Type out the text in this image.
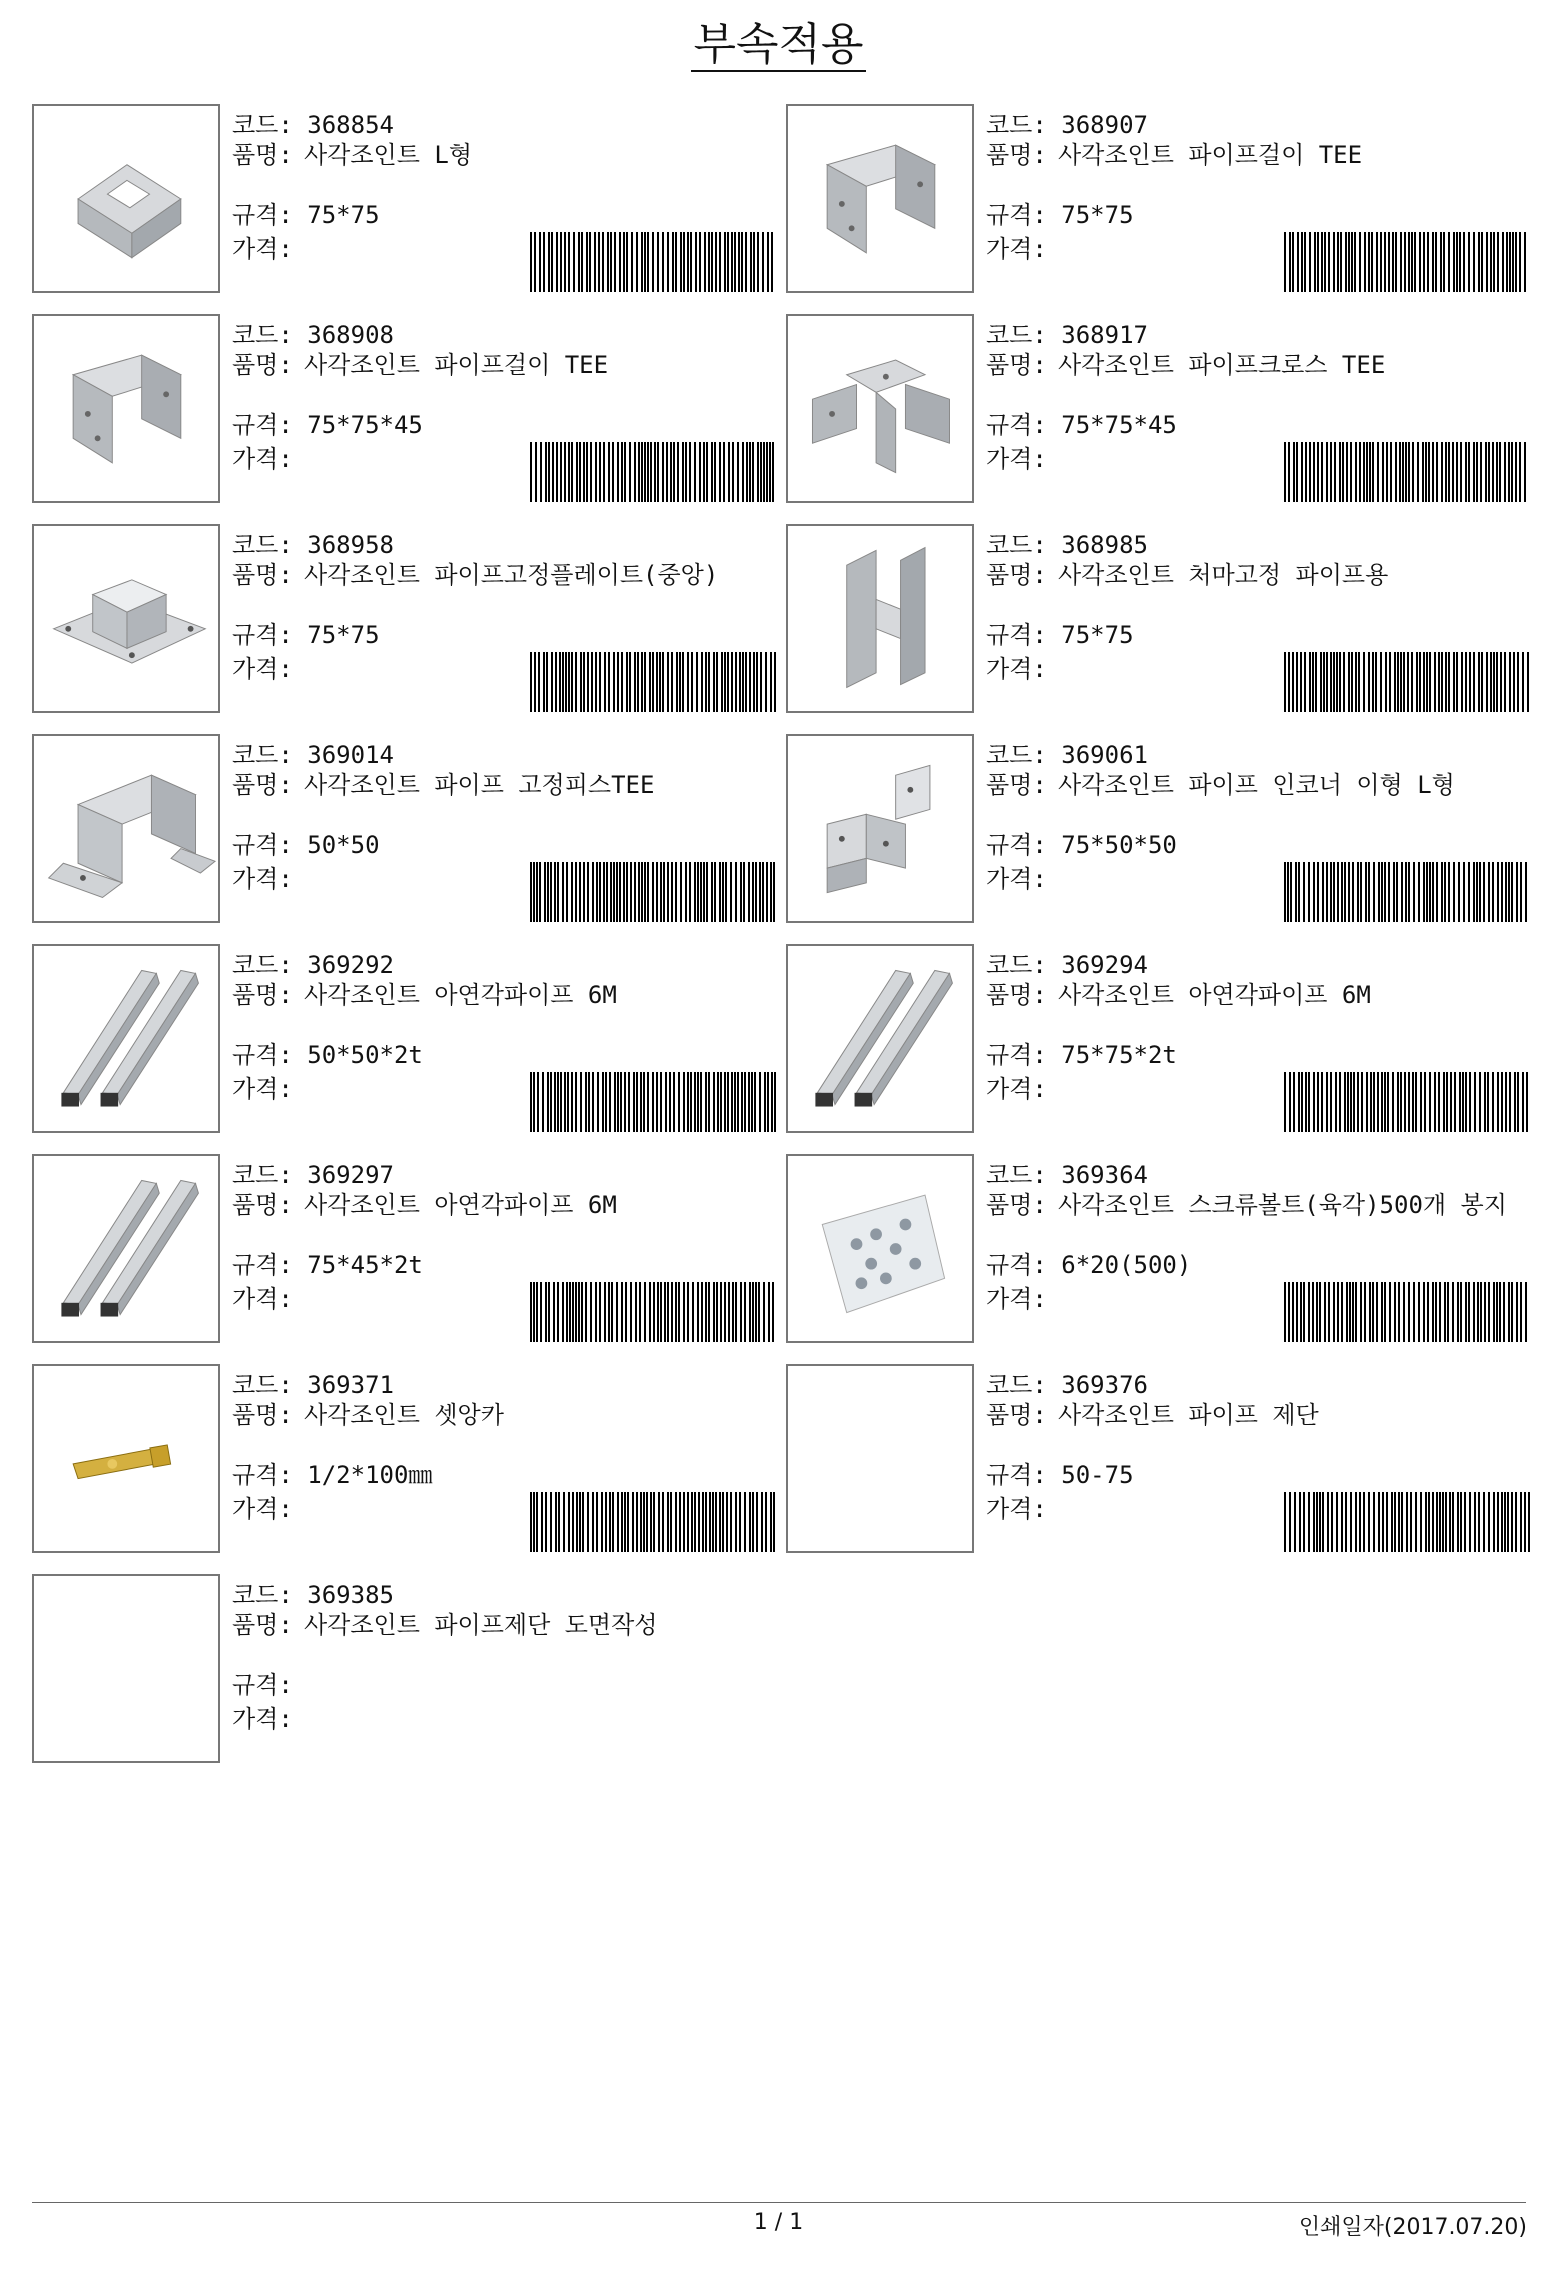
부속적용
코드: 368854
품명: 사각조인트 L형
규격: 75*75
가격:
코드: 368907
품명: 사각조인트 파이프걸이 TEE
규격: 75*75
가격:
코드: 368908
품명: 사각조인트 파이프걸이 TEE
규격: 75*75*45
가격:
코드: 368917
품명: 사각조인트 파이프크로스 TEE
규격: 75*75*45
가격:
코드: 368958
품명: 사각조인트 파이프고정플레이트(중앙)
규격: 75*75
가격:
코드: 368985
품명: 사각조인트 처마고정 파이프용
규격: 75*75
가격:
코드: 369014
품명: 사각조인트 파이프 고정피스TEE
규격: 50*50
가격:
코드: 369061
품명: 사각조인트 파이프 인코너 이형 L형
규격: 75*50*50
가격:
코드: 369292
품명: 사각조인트 아연각파이프 6M
규격: 50*50*2t
가격:
코드: 369294
품명: 사각조인트 아연각파이프 6M
규격: 75*75*2t
가격:
코드: 369297
품명: 사각조인트 아연각파이프 6M
규격: 75*45*2t
가격:
코드: 369364
품명: 사각조인트 스크류볼트(육각)500개 봉지
규격: 6*20(500)
가격:
코드: 369371
품명: 사각조인트 셋앙카
규격: 1/2*100㎜
가격:
코드: 369376
품명: 사각조인트 파이프 제단
규격: 50-75
가격:
코드: 369385
품명: 사각조인트 파이프제단 도면작성
규격:
가격:
1 / 1	인쇄일자(2017.07.20)
